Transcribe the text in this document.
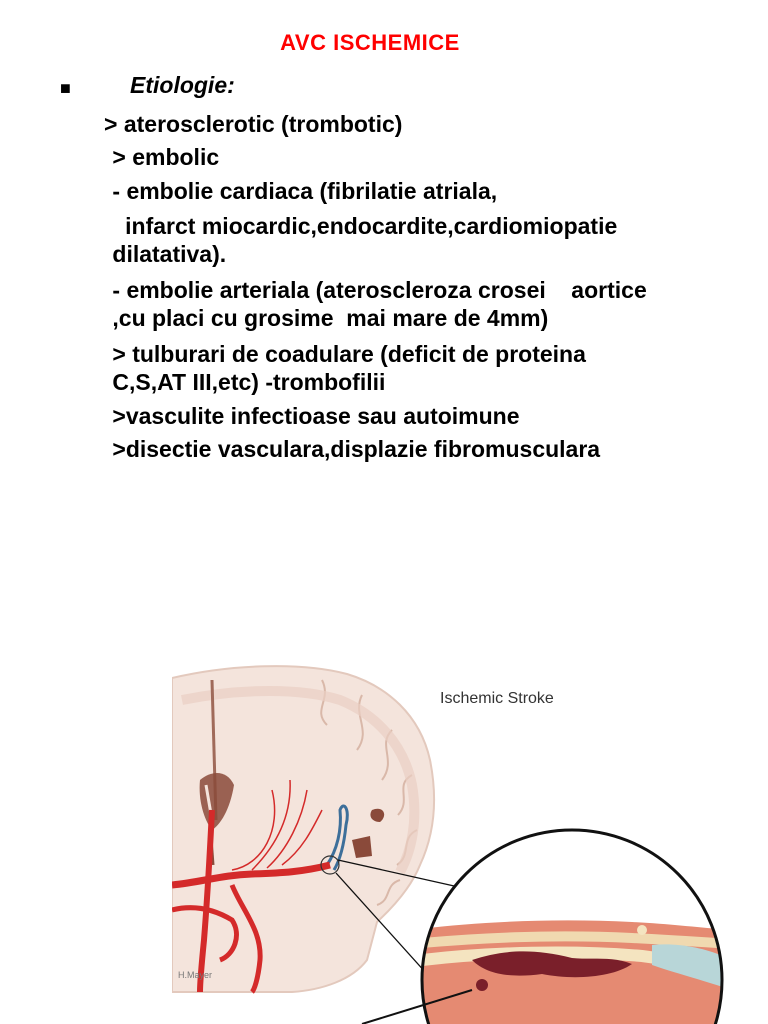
AVC ISCHEMICE
■	Etiologie:
> aterosclerotic (trombotic)
> embolic
- embolie cardiaca (fibrilatie atriala,
infarct miocardic,endocardite,cardiomiopatie
dilatativa).
- embolie arteriala (ateroscleroza crosei    aortice
,cu placi cu grosime  mai mare de 4mm)
> tulburari de coadulare (deficit de proteina
C,S,AT III,etc) -trombofilii
>vasculite infectioase sau autoimune
>disectie vasculara,displazie fibromusculara
Ischemic Stroke
H.Mayer
